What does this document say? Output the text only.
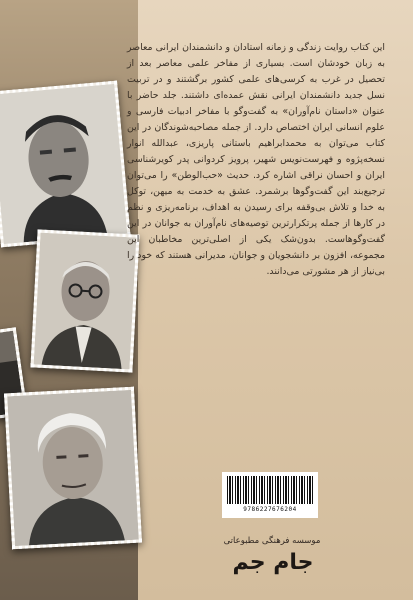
این کتاب روایت زندگی و زمانه استادان و دانشمندان ایرانی معاصر به زبان خودشان است. بسیاری از مفاخر علمی معاصر بعد از تحصیل در غرب به کرسی‌های علمی کشور برگشتند و در تربیت نسل جدید دانشمندان ایرانی نقش عمده‌ای داشتند. جلد حاضر با عنوان «داستان نام‌آوران» به گفت‌وگو با مفاخر ادبیات فارسی و علوم انسانی ایران اختصاص دارد. از جمله مصاحبه‌شوندگان در این کتاب می‌توان به محمدابراهیم باستانی پاریزی، عبدالله انوار نسخه‌پژوه و فهرست‌نویس شهیر، پرویز کردوانی پدر کویرشناسی ایران و احسان نراقی اشاره کرد. حدیث «حب‌الوطن» را می‌توان ترجیع‌بند این گفت‌وگوها برشمرد. عشق به خدمت به میهن، توکل به خدا و تلاش بی‌وقفه برای رسیدن به اهداف، برنامه‌ریزی و نظم در کارها از جمله پرتکرارترین توصیه‌های نام‌آوران به جوانان در این گفت‌وگوهاست. بدون‌شک یکی از اصلی‌ترین مخاطبان این مجموعه، افزون بر دانشجویان و جوانان، مدیرانی هستند که خود را بی‌نیاز از هر مشورتی می‌دانند.

9786227676204
موسسه فرهنگی مطبوعاتی
جام جم
